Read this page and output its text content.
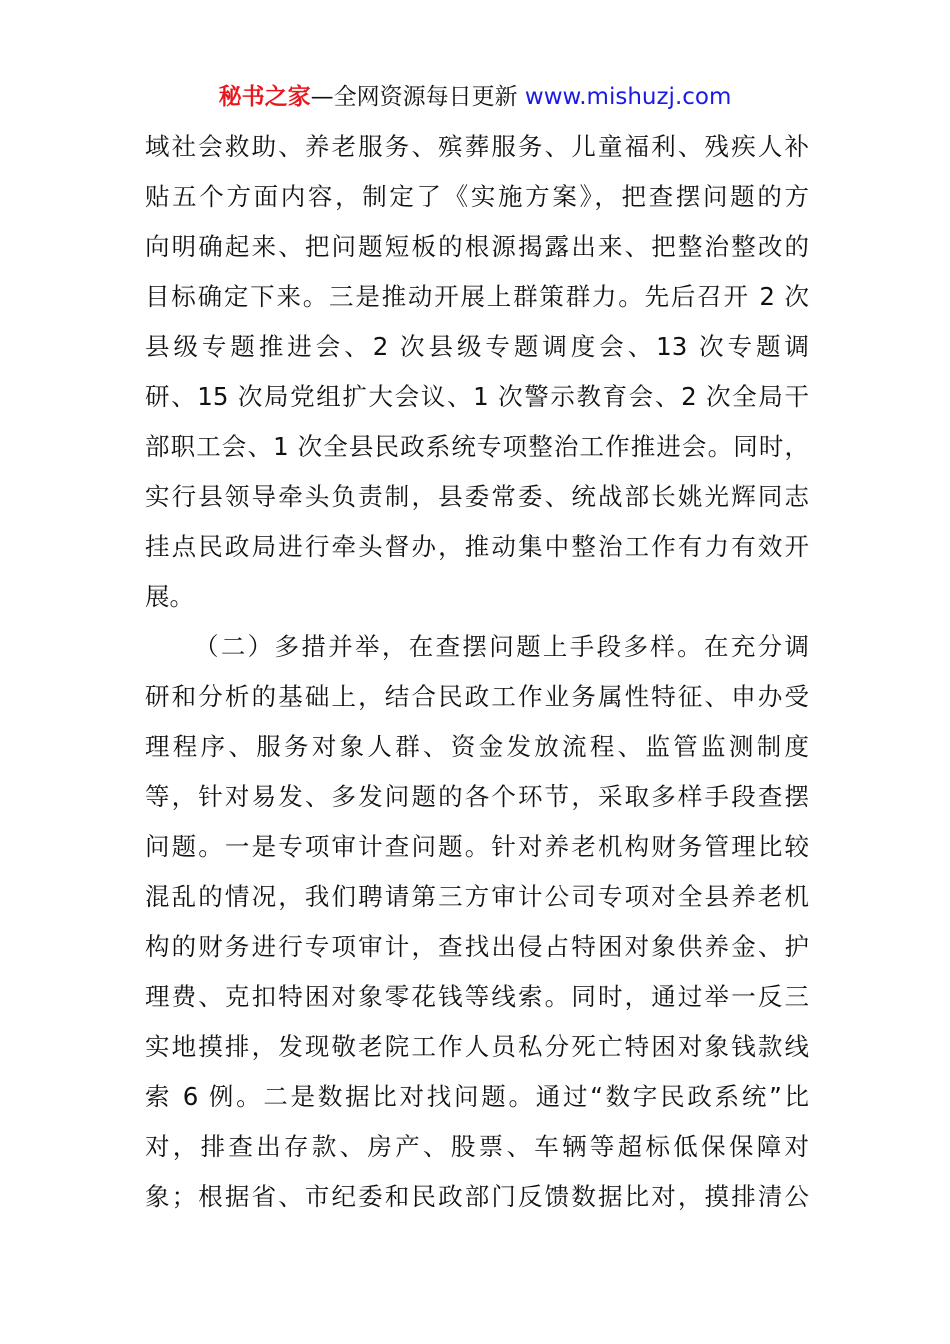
秘书之家—全网资源每日更新 www.mishuzj.com
域社会救助、养老服务、殡葬服务、儿童福利、残疾人补
贴五个方面内容，制定了《实施方案》，把查摆问题的方
向明确起来、把问题短板的根源揭露出来、把整治整改的
目标确定下来。三是推动开展上群策群力。先后召开 2 次
县级专题推进会、2 次县级专题调度会、13 次专题调
研、15 次局党组扩大会议、1 次警示教育会、2 次全局干
部职工会、1 次全县民政系统专项整治工作推进会。同时，
实行县领导牵头负责制，县委常委、统战部长姚光辉同志
挂点民政局进行牵头督办，推动集中整治工作有力有效开
展。
（二）多措并举，在查摆问题上手段多样。在充分调
研和分析的基础上，结合民政工作业务属性特征、申办受
理程序、服务对象人群、资金发放流程、监管监测制度
等，针对易发、多发问题的各个环节，采取多样手段查摆
问题。一是专项审计查问题。针对养老机构财务管理比较
混乱的情况，我们聘请第三方审计公司专项对全县养老机
构的财务进行专项审计，查找出侵占特困对象供养金、护
理费、克扣特困对象零花钱等线索。同时，通过举一反三
实地摸排，发现敬老院工作人员私分死亡特困对象钱款线
索 6 例。二是数据比对找问题。通过“数字民政系统”比
对，排查出存款、房产、股票、车辆等超标低保保障对
象；根据省、市纪委和民政部门反馈数据比对，摸排清公
